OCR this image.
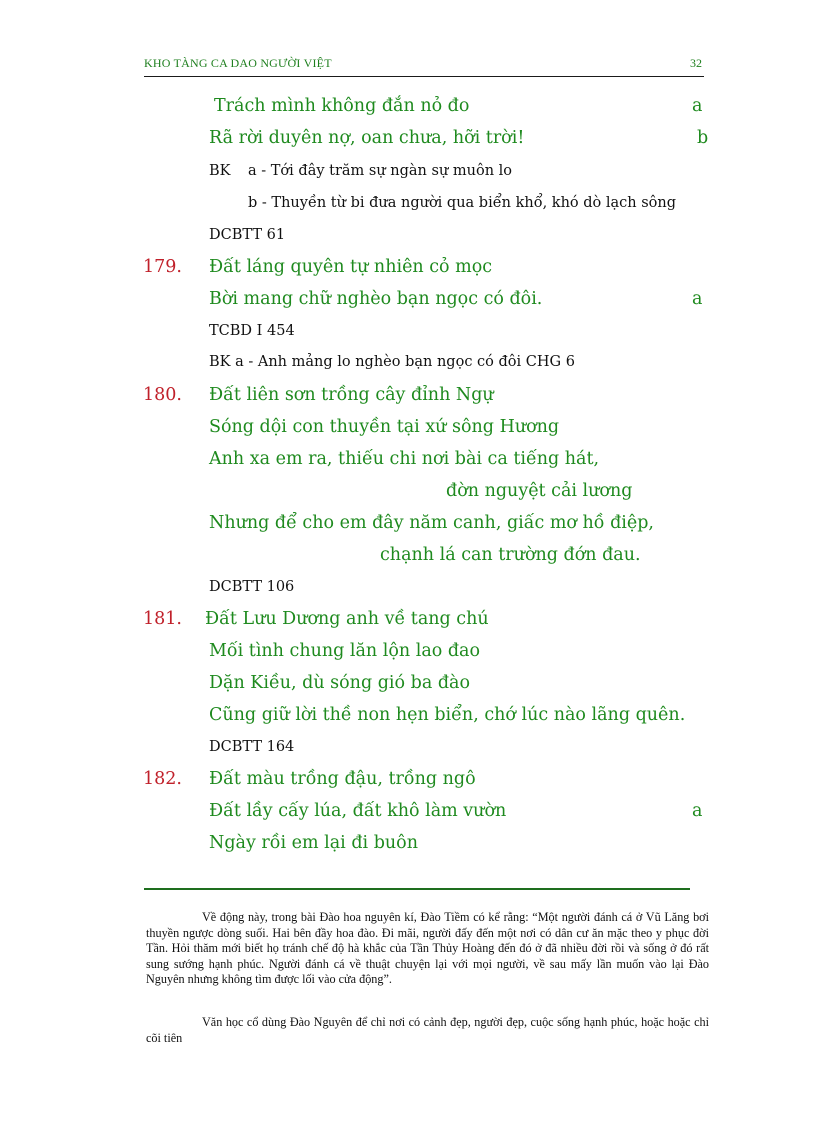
KHO TÀNG CA DAO NGƯỜI VIỆT	32
Trách mình không đắn nỏ đo	a
Rã rời duyên nợ, oan chưa, hỡi trời!	b
BK a - Tới đây trăm sự ngàn sự muôn lo
b - Thuyền từ bi đưa người qua biển khổ, khó dò lạch sông
DCBTT 61
179. Đất láng quyên tự nhiên cỏ mọc
Bời mang chữ nghèo bạn ngọc có đôi.	a
TCBD I 454
BK a - Anh mảng lo nghèo bạn ngọc có đôi CHG 6
180. Đất liên sơn trồng cây đỉnh Ngự
Sóng dội con thuyền tại xứ sông Hương
Anh xa em ra, thiếu chi nơi bài ca tiếng hát,
đờn nguyệt cải lương
Nhưng để cho em đây năm canh, giấc mơ hồ điệp,
chạnh lá can trường đớn đau.
DCBTT 106
181. Đất Lưu Dương anh về tang chú
Mối tình chung lăn lộn lao đao
Dặn Kiều, dù sóng gió ba đào
Cũng giữ lời thề non hẹn biển, chớ lúc nào lãng quên.
DCBTT 164
182. Đất màu trồng đậu, trồng ngô
Đất lầy cấy lúa, đất khô làm vườn	a
Ngày rồi em lại đi buôn
Về động này, trong bài Đào hoa nguyên kí, Đào Tiềm có kể rằng: “Một người đánh cá ở Vũ Lăng bơi thuyền ngược dòng suối. Hai bên đầy hoa đào. Đi mãi, người đấy đến một nơi có dân cư ăn mặc theo y phục đời Tần. Hỏi thăm mới biết họ tránh chế độ hà khắc của Tần Thủy Hoàng đến đó ở đã nhiều đời rồi và sống ở đó rất sung sướng hạnh phúc. Người đánh cá về thuật chuyện lại với mọi người, về sau mấy lần muốn vào lại Đào Nguyên nhưng không tìm được lối vào cửa động”.
Văn học cổ dùng Đào Nguyên để chỉ nơi có cảnh đẹp, người đẹp, cuộc sống hạnh phúc, hoặc hoặc chỉ cõi tiên
